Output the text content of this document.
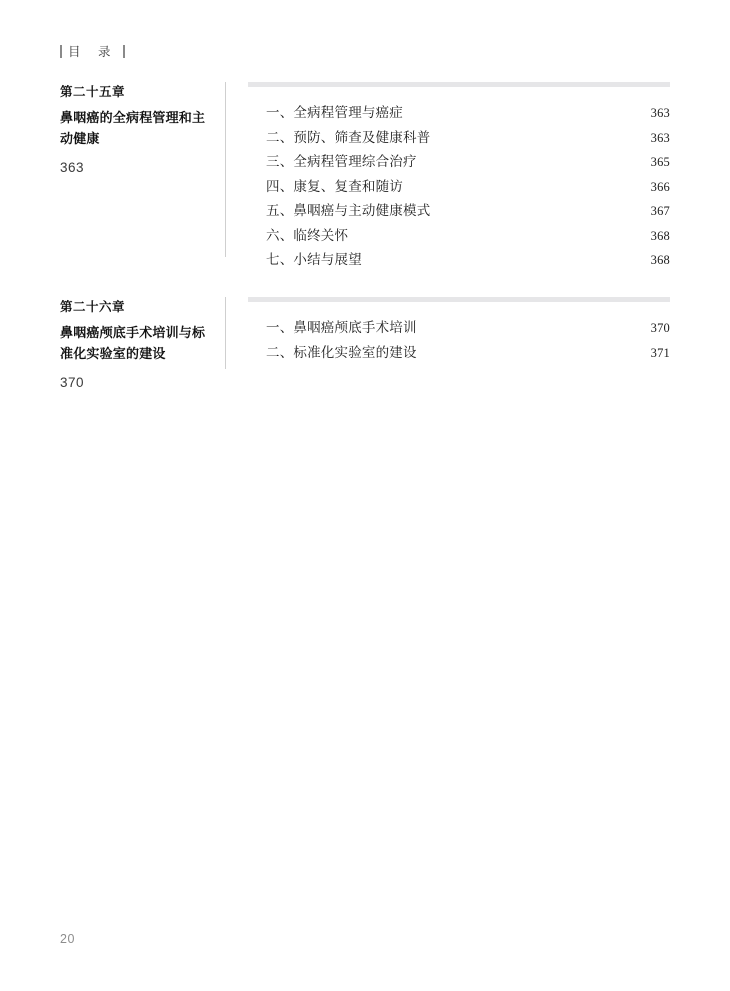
目 录
第二十五章
鼻咽癌的全病程管理和主动健康
363
一、全病程管理与癌症	363
二、预防、筛查及健康科普	363
三、全病程管理综合治疗	365
四、康复、复查和随访	366
五、鼻咽癌与主动健康模式	367
六、临终关怀	368
七、小结与展望	368
第二十六章
鼻咽癌颅底手术培训与标准化实验室的建设
370
一、鼻咽癌颅底手术培训	370
二、标准化实验室的建设	371
20
